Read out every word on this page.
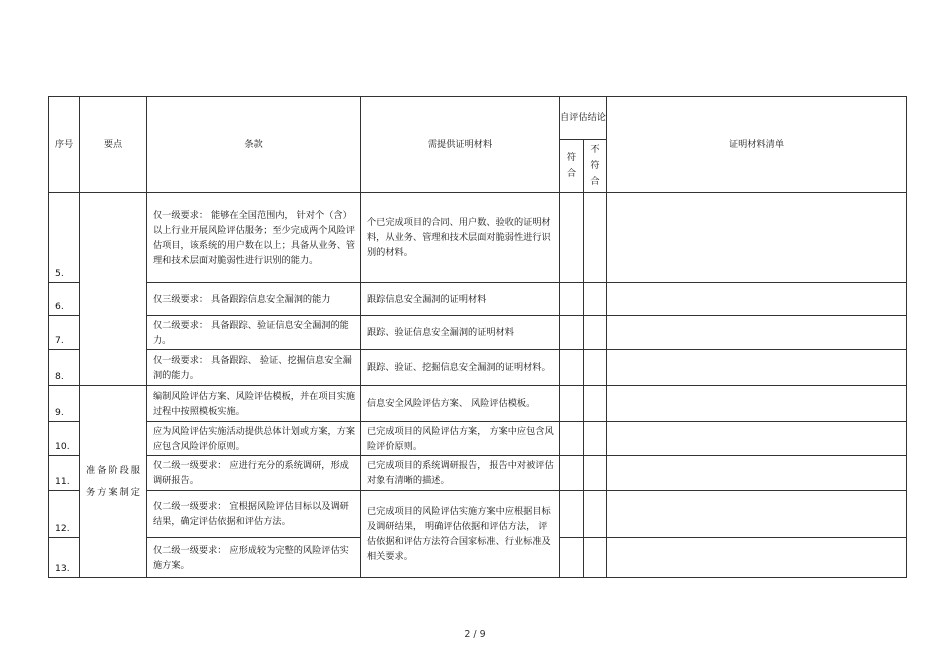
序号	要点	条款	需提供证明材料	自评估结论		证明材料清单
				符合	不符合	
5.		仅一级要求： 能够在全国范围内， 针对个（含）以上行业开展风险评估服务；至少完成两个风险评估项目，该系统的用户数在以上；具备从业务、管理和技术层面对脆弱性进行识别的能力。	个已完成项目的合同、用户数、验收的证明材料，从业务、管理和技术层面对脆弱性进行识别的材料。			
6.		仅三级要求： 具备跟踪信息安全漏洞的能力	跟踪信息安全漏洞的证明材料			
7.		仅二级要求： 具备跟踪、验证信息安全漏洞的能力。	跟踪、验证信息安全漏洞的证明材料			
8.		仅一级要求： 具备跟踪、 验证、挖掘信息安全漏洞的能力。	跟踪、验证、挖掘信息安全漏洞的证明材料。			
9.	准备阶段服务方案制定	编制风险评估方案、风险评估模板，并在项目实施过程中按照模板实施。	信息安全风险评估方案、 风险评估模板。			
10.		应为风险评估实施活动提供总体计划或方案，方案应包含风险评价原则。	已完成项目的风险评估方案， 方案中应包含风险评价原则。			
11.		仅二级一级要求： 应进行充分的系统调研，形成调研报告。	已完成项目的系统调研报告， 报告中对被评估对象有清晰的描述。			
12.		仅二级一级要求： 宜根据风险评估目标以及调研结果，确定评估依据和评估方法。	已完成项目的风险评估实施方案中应根据目标及调研结果， 明确评估依据和评估方法， 评估依据和评估方法符合国家标准、行业标准及相关要求。			
13.		仅二级一级要求： 应形成较为完整的风险评估实施方案。				
2 / 9
